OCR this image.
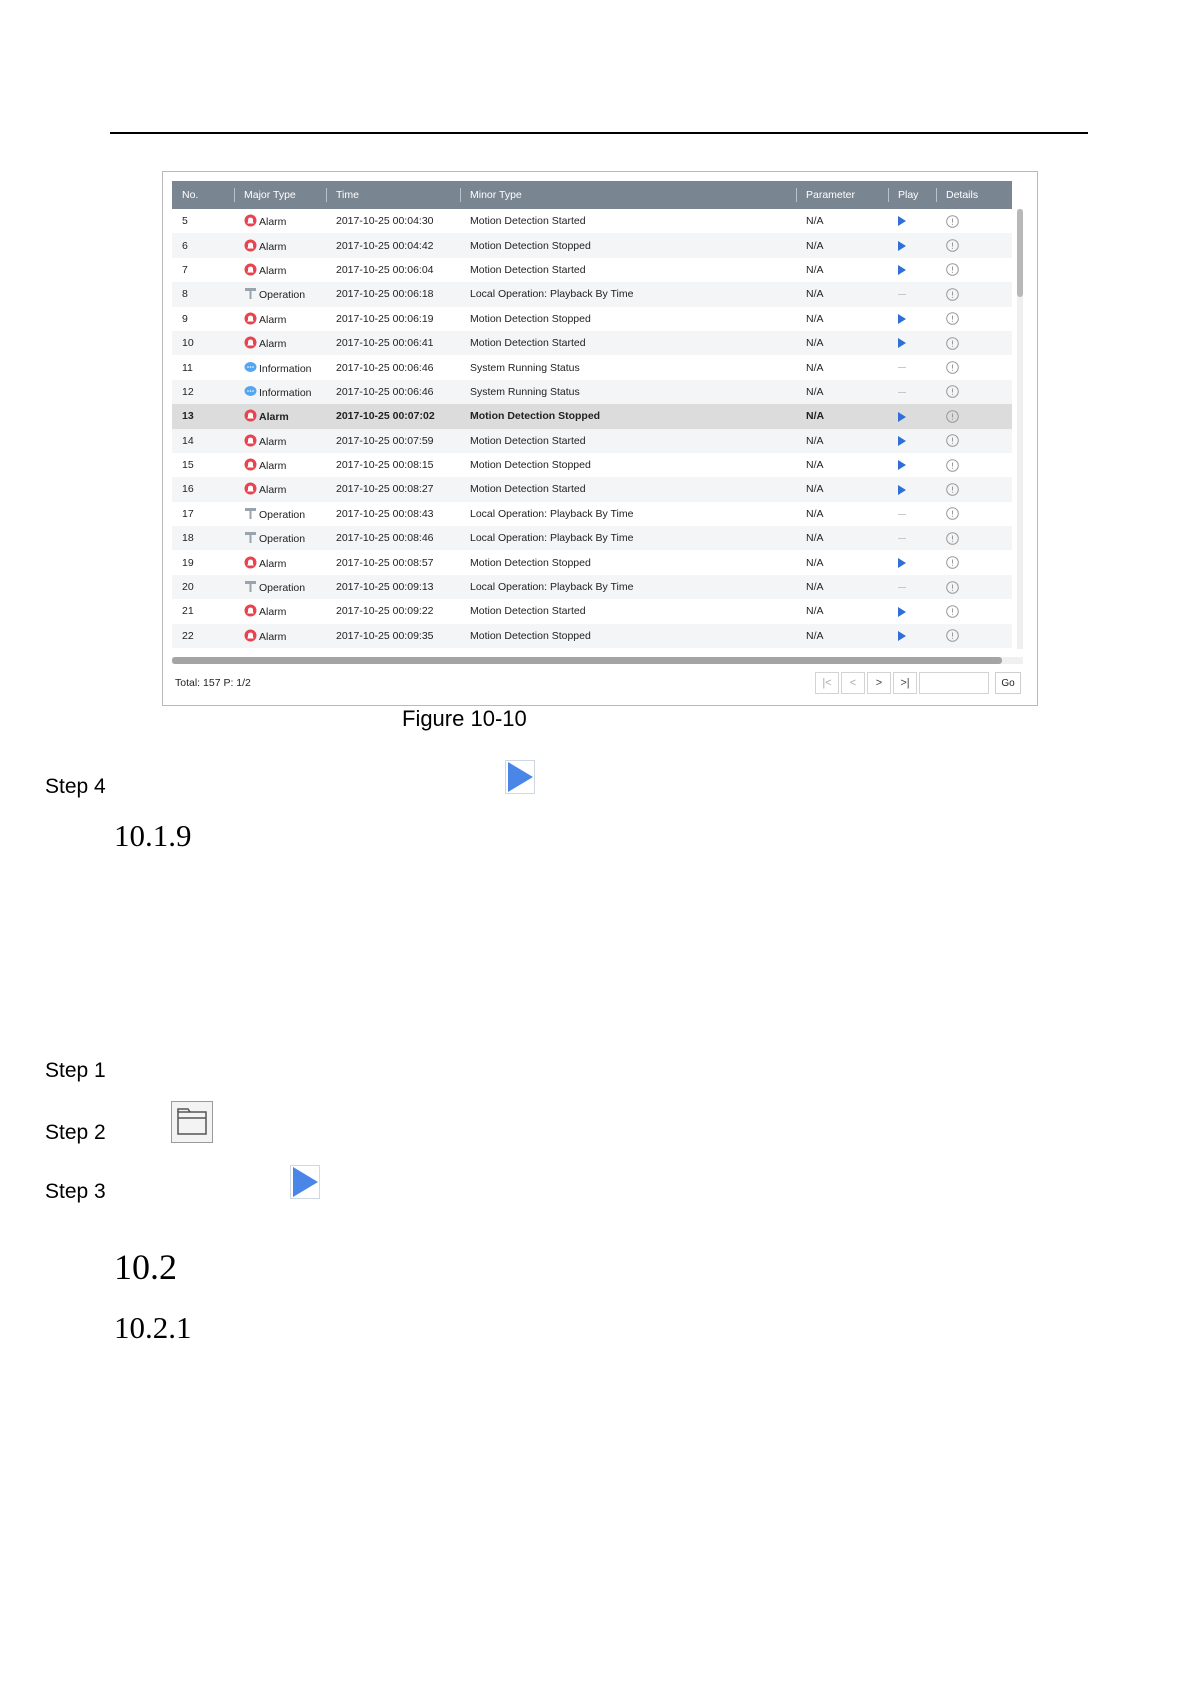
No.	Major Type	Time	Minor Type	Parameter	Play	Details
5	Alarm	2017-10-25 00:04:30	Motion Detection Started	N/A		
6	Alarm	2017-10-25 00:04:42	Motion Detection Stopped	N/A		
7	Alarm	2017-10-25 00:06:04	Motion Detection Started	N/A		
8	Operation	2017-10-25 00:06:18	Local Operation: Playback By Time	N/A		
9	Alarm	2017-10-25 00:06:19	Motion Detection Stopped	N/A		
10	Alarm	2017-10-25 00:06:41	Motion Detection Started	N/A		
11	Information	2017-10-25 00:06:46	System Running Status	N/A		
12	Information	2017-10-25 00:06:46	System Running Status	N/A		
13	Alarm	2017-10-25 00:07:02	Motion Detection Stopped	N/A		
14	Alarm	2017-10-25 00:07:59	Motion Detection Started	N/A		
15	Alarm	2017-10-25 00:08:15	Motion Detection Stopped	N/A		
16	Alarm	2017-10-25 00:08:27	Motion Detection Started	N/A		
17	Operation	2017-10-25 00:08:43	Local Operation: Playback By Time	N/A		
18	Operation	2017-10-25 00:08:46	Local Operation: Playback By Time	N/A		
19	Alarm	2017-10-25 00:08:57	Motion Detection Stopped	N/A		
20	Operation	2017-10-25 00:09:13	Local Operation: Playback By Time	N/A		
21	Alarm	2017-10-25 00:09:22	Motion Detection Started	N/A		
22	Alarm	2017-10-25 00:09:35	Motion Detection Stopped	N/A		
Total: 157 P: 1/2	|< < > >|	Go
Figure 10-10
Step 4
10.1.9
Step 1
Step 2
Step 3
10.2
10.2.1
